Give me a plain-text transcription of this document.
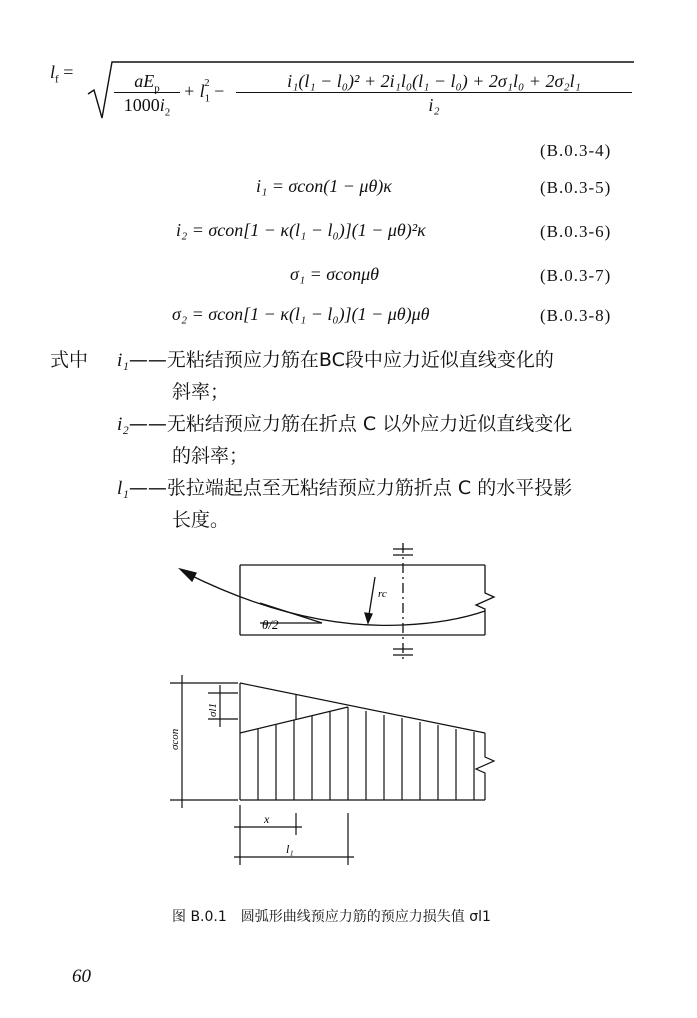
$l_f$ =	$aE_p$
$1000i_2$
+ $l_1^2 - \frac{\text{i₁(l₁ − l₀)² + 2i₁l₀(l₁ − l₀) + 2σ₁l₀ + 2σ₂l₁}}{\text{i₂}}$
(B.0.3-4)
i₁ = σcon(1 − μθ)κ	(B.0.3-5)
i₂ = σcon[1 − κ(l₁ − l₀)](1 − μθ)²κ	(B.0.3-6)
σ₁ = σconμθ	(B.0.3-7)
σ₂ = σcon[1 − κ(l₁ − l₀)](1 − μθ)μθ	(B.0.3-8)
式中 i₁——无粘结预应力筋在BC段中应力近似直线变化的
斜率；
i₂——无粘结预应力筋在折点 C 以外应力近似直线变化
的斜率；
l₁——张拉端起点至无粘结预应力筋折点 C 的水平投影
长度。
θ/2
rc
σcon
σl1
x
l₁
图 B.0.1　圆弧形曲线预应力筋的预应力损失值 σl1
60
